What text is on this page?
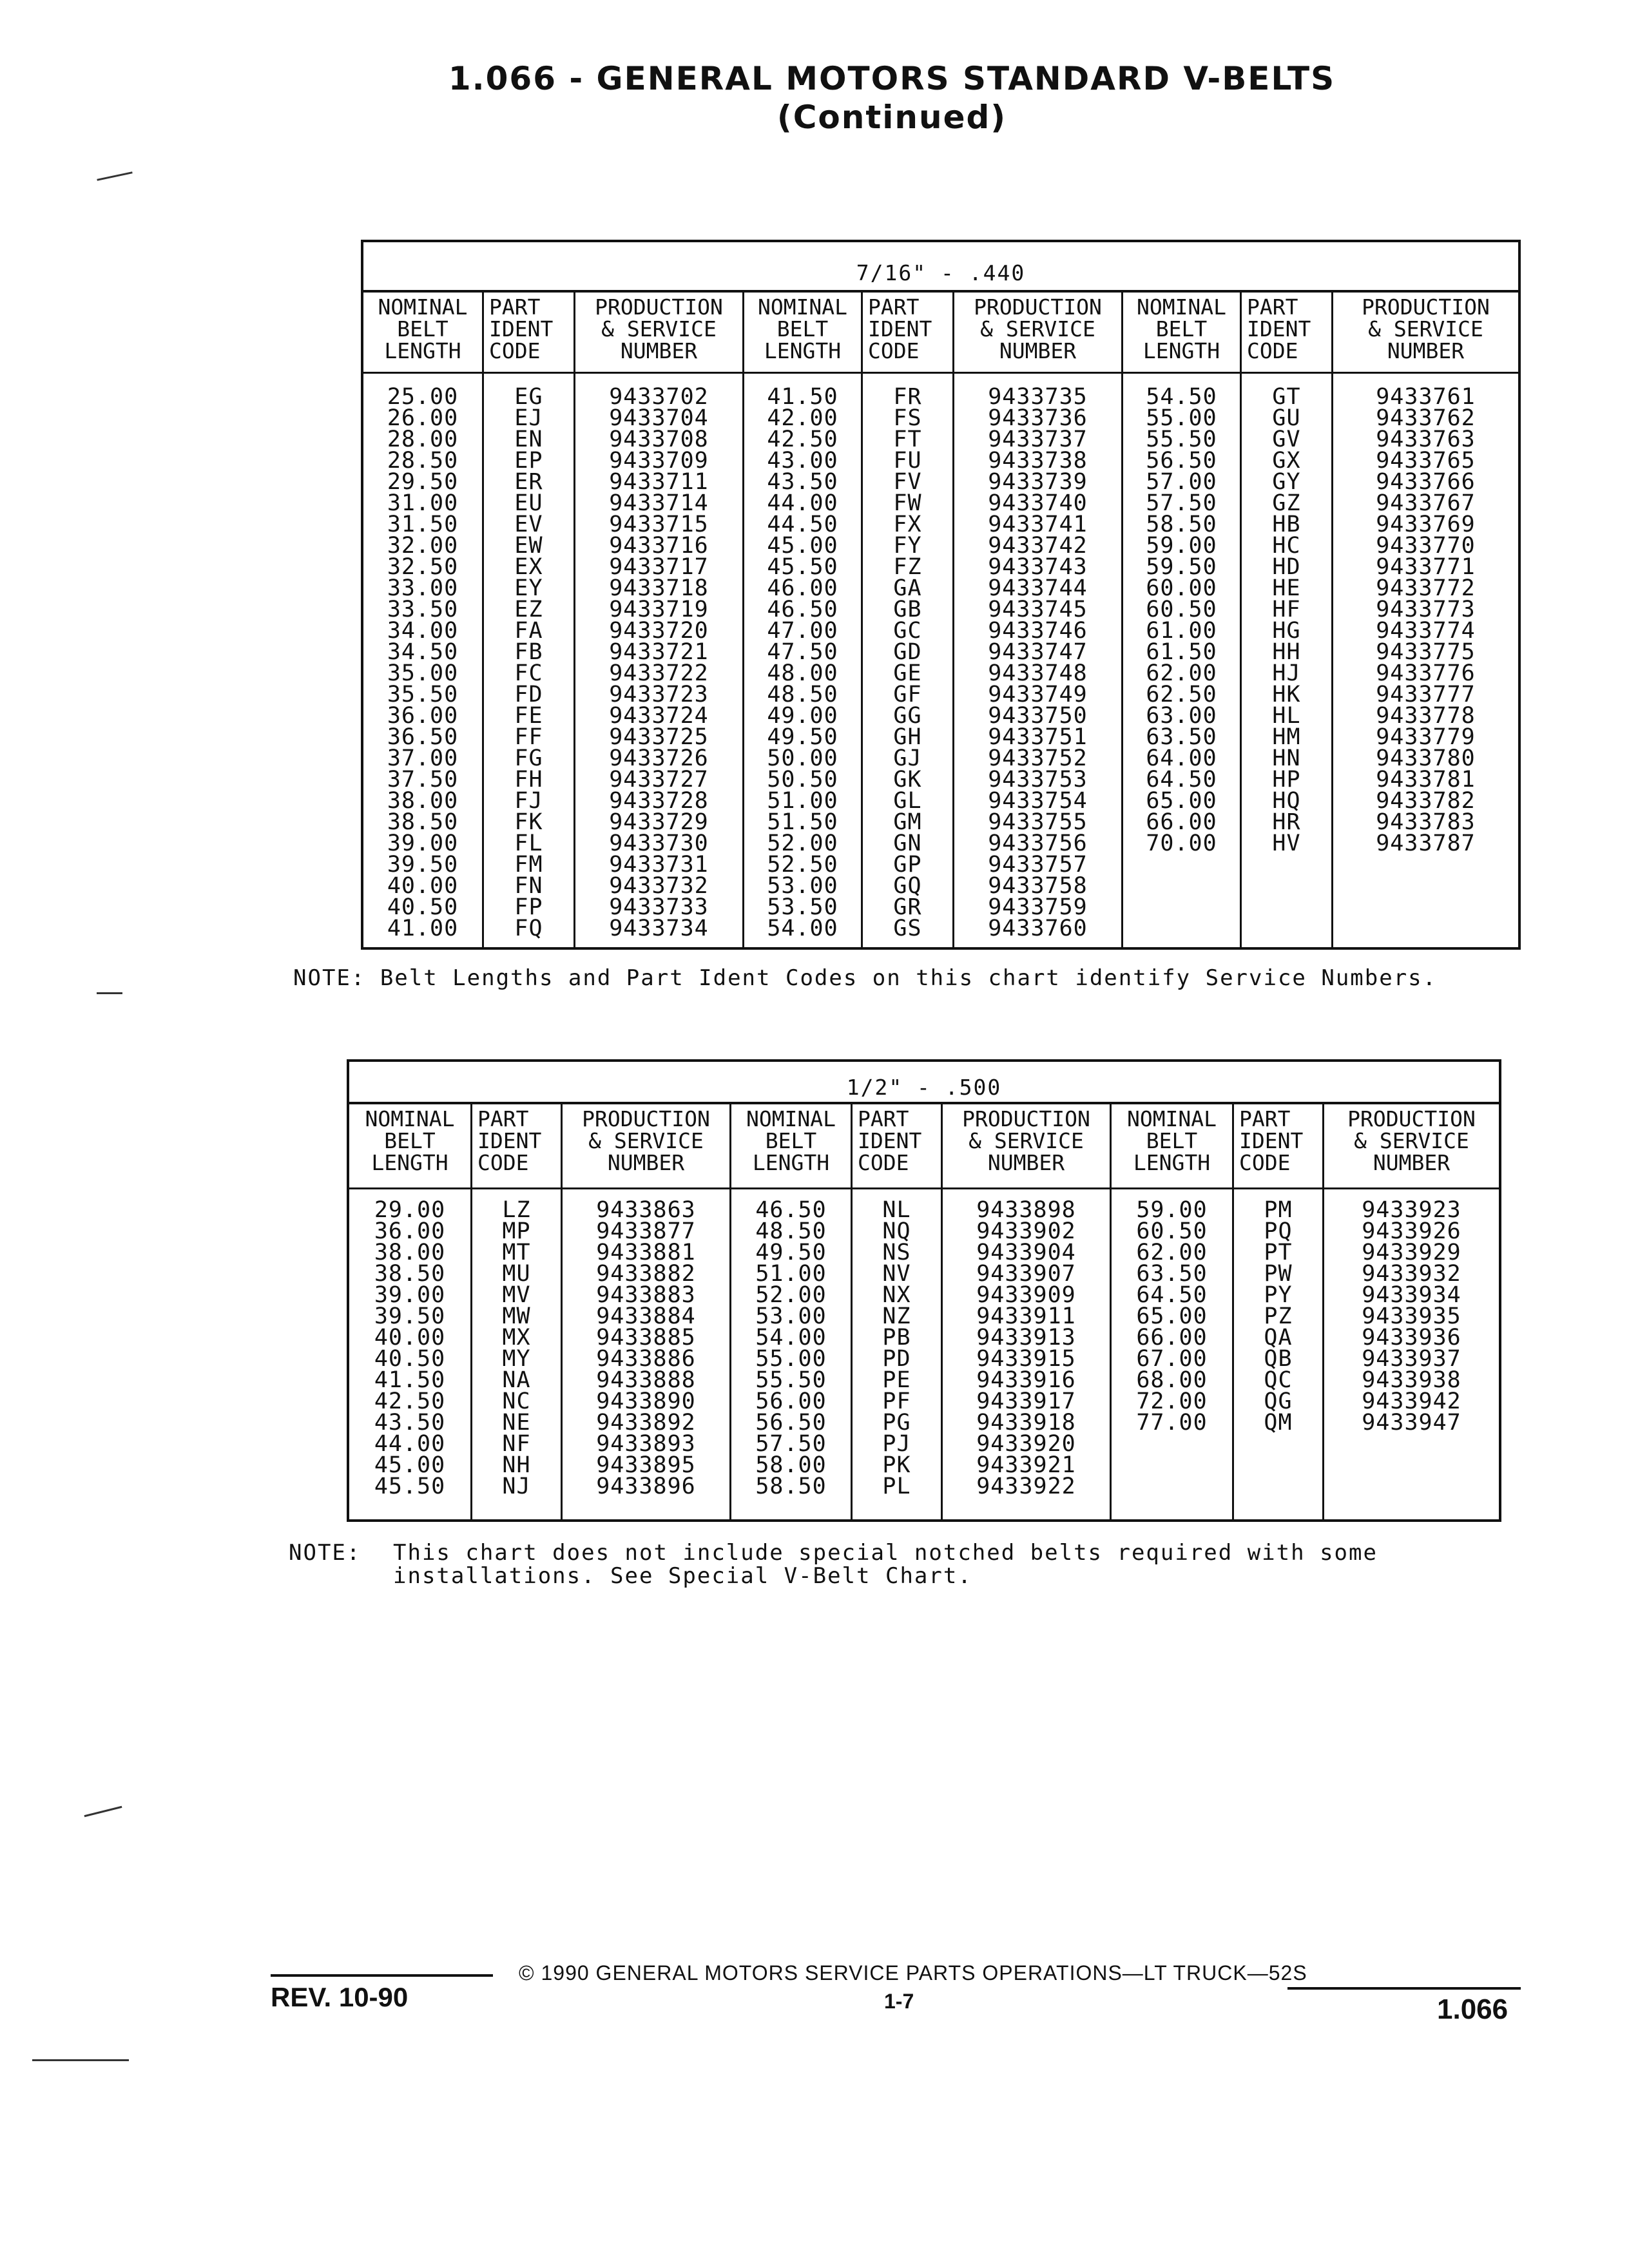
1.066 - GENERAL MOTORS STANDARD V-BELTS
(Continued)
7/16" - .440
NOMINAL
BELT
LENGTH
25.00
26.00
28.00
28.50
29.50
31.00
31.50
32.00
32.50
33.00
33.50
34.00
34.50
35.00
35.50
36.00
36.50
37.00
37.50
38.00
38.50
39.00
39.50
40.00
40.50
41.00
PART
IDENT
CODE
EG
EJ
EN
EP
ER
EU
EV
EW
EX
EY
EZ
FA
FB
FC
FD
FE
FF
FG
FH
FJ
FK
FL
FM
FN
FP
FQ
PRODUCTION
& SERVICE
NUMBER
9433702
9433704
9433708
9433709
9433711
9433714
9433715
9433716
9433717
9433718
9433719
9433720
9433721
9433722
9433723
9433724
9433725
9433726
9433727
9433728
9433729
9433730
9433731
9433732
9433733
9433734
NOMINAL
BELT
LENGTH
41.50
42.00
42.50
43.00
43.50
44.00
44.50
45.00
45.50
46.00
46.50
47.00
47.50
48.00
48.50
49.00
49.50
50.00
50.50
51.00
51.50
52.00
52.50
53.00
53.50
54.00
PART
IDENT
CODE
FR
FS
FT
FU
FV
FW
FX
FY
FZ
GA
GB
GC
GD
GE
GF
GG
GH
GJ
GK
GL
GM
GN
GP
GQ
GR
GS
PRODUCTION
& SERVICE
NUMBER
9433735
9433736
9433737
9433738
9433739
9433740
9433741
9433742
9433743
9433744
9433745
9433746
9433747
9433748
9433749
9433750
9433751
9433752
9433753
9433754
9433755
9433756
9433757
9433758
9433759
9433760
NOMINAL
BELT
LENGTH
54.50
55.00
55.50
56.50
57.00
57.50
58.50
59.00
59.50
60.00
60.50
61.00
61.50
62.00
62.50
63.00
63.50
64.00
64.50
65.00
66.00
70.00
PART
IDENT
CODE
GT
GU
GV
GX
GY
GZ
HB
HC
HD
HE
HF
HG
HH
HJ
HK
HL
HM
HN
HP
HQ
HR
HV
PRODUCTION
& SERVICE
NUMBER
9433761
9433762
9433763
9433765
9433766
9433767
9433769
9433770
9433771
9433772
9433773
9433774
9433775
9433776
9433777
9433778
9433779
9433780
9433781
9433782
9433783
9433787
NOTE: Belt Lengths and Part Ident Codes on this chart identify Service Numbers.
1/2" - .500
NOMINAL
BELT
LENGTH
29.00
36.00
38.00
38.50
39.00
39.50
40.00
40.50
41.50
42.50
43.50
44.00
45.00
45.50
PART
IDENT
CODE
LZ
MP
MT
MU
MV
MW
MX
MY
NA
NC
NE
NF
NH
NJ
PRODUCTION
& SERVICE
NUMBER
9433863
9433877
9433881
9433882
9433883
9433884
9433885
9433886
9433888
9433890
9433892
9433893
9433895
9433896
NOMINAL
BELT
LENGTH
46.50
48.50
49.50
51.00
52.00
53.00
54.00
55.00
55.50
56.00
56.50
57.50
58.00
58.50
PART
IDENT
CODE
NL
NQ
NS
NV
NX
NZ
PB
PD
PE
PF
PG
PJ
PK
PL
PRODUCTION
& SERVICE
NUMBER
9433898
9433902
9433904
9433907
9433909
9433911
9433913
9433915
9433916
9433917
9433918
9433920
9433921
9433922
NOMINAL
BELT
LENGTH
59.00
60.50
62.00
63.50
64.50
65.00
66.00
67.00
68.00
72.00
77.00
PART
IDENT
CODE
PM
PQ
PT
PW
PY
PZ
QA
QB
QC
QG
QM
PRODUCTION
& SERVICE
NUMBER
9433923
9433926
9433929
9433932
9433934
9433935
9433936
9433937
9433938
9433942
9433947
NOTE: This chart does not include special notched belts required with some
installations. See Special V-Belt Chart.
REV. 10-90
© 1990 GENERAL MOTORS SERVICE PARTS OPERATIONS—LT TRUCK—52S
1-7	1.066
